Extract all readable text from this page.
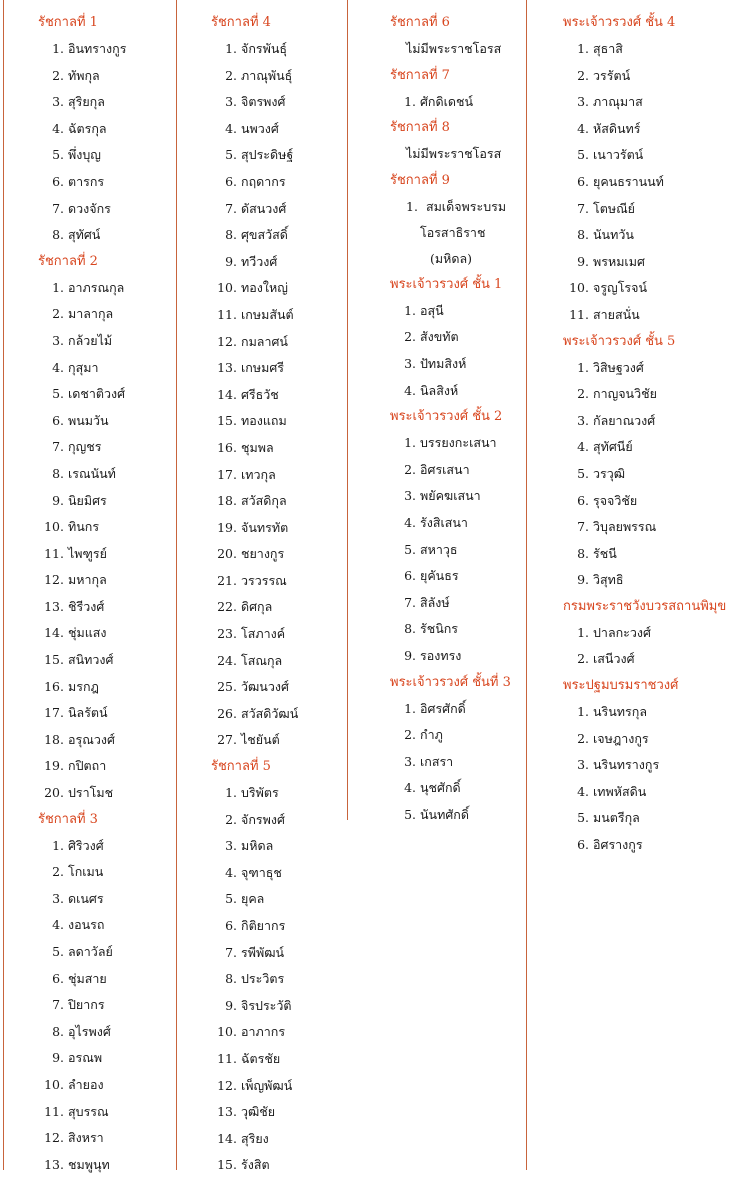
รัชกาลที่ 1
1. อินทรางกูร
2. ทัพกุล
3. สุริยกุล
4. ฉัตรกุล
5. พึ่งบุญ
6. ตารกร
7. ดวงจักร
8. สุทัศน์
รัชกาลที่ 2
1. อาภรณกุล
2. มาลากุล
3. กล้วยไม้
4. กุสุมา
5. เดชาติวงศ์
6. พนมวัน
7. กุญชร
8. เรณนันท์
9. นิยมิศร
10. ทินกร
11. ไพฑูรย์
12. มหากุล
13. ชิรีวงศ์
14. ชุ่มแสง
15. สนิทวงศ์
16. มรกฎ
17. นิลรัตน์
18. อรุณวงศ์
19. กปิตถา
20. ปราโมช
รัชกาลที่ 3
1. ศิริวงศ์
2. โกเมน
3. ดเนศร
4. งอนรถ
5. ลดาวัลย์
6. ชุ่มสาย
7. ปิยากร
8. อุไรพงศ์
9. อรณพ
10. ลำยอง
11. สุบรรณ
12. สิงหรา
13. ชมพูนุท
รัชกาลที่ 4
1. จักรพันธุ์
2. ภาณุพันธุ์
3. จิตรพงศ์
4. นพวงศ์
5. สุประดิษฐ์
6. กฤดากร
7. ดัสนวงศ์
8. ศุขสวัสดิ์
9. ทวีวงศ์
10. ทองใหญ่
11. เกษมสันต์
12. กมลาศน์
13. เกษมศรี
14. ศรีธวัช
15. ทองแถม
16. ชุมพล
17. เทวกุล
18. สวัสดิกุล
19. จันทรทัต
20. ชยางกูร
21. วรวรรณ
22. ดิศกุล
23. โสภางค์
24. โสณกุล
25. วัฒนวงศ์
26. สวัสดิวัฒน์
27. ไชยันต์
รัชกาลที่ 5
1. บริพัตร
2. จักรพงศ์
3. มหิดล
4. จุฑาธุช
5. ยุคล
6. กิติยากร
7. รพีพัฒน์
8. ประวิตร
9. จิรประวัติ
10. อาภากร
11. ฉัตรชัย
12. เพ็ญพัฒน์
13. วุฒิชัย
14. สุริยง
15. รังสิต
รัชกาลที่ 6
ไม่มีพระราชโอรส
รัชกาลที่ 7
1. ศักดิเดชน์
รัชกาลที่ 8
ไม่มีพระราชโอรส
รัชกาลที่ 9
1. สมเด็จพระบรม
โอรสาธิราช
(มหิดล)
พระเจ้าวรวงศ์ ชั้น 1
1. อสุนี
2. สังขทัต
3. ปัทมสิงห์
4. นิลสิงห์
พระเจ้าวรวงศ์ ชั้น 2
1. บรรยงกะเสนา
2. อิศรเสนา
3. พยัคฆเสนา
4. รังสิเสนา
5. สหาวุธ
6. ยุคันธร
7. สิลังษ์
8. รัชนิกร
9. รองทรง
พระเจ้าวรวงศ์ ชั้นที่ 3
1. อิศรศักดิ์
2. กำภู
3. เกสรา
4. นุชศักดิ์
5. นันทศักดิ์
พระเจ้าวรวงศ์ ชั้น 4
1. สุธาสิ
2. วรรัตน์
3. ภาณุมาส
4. หัสดินทร์
5. เนาวรัตน์
6. ยุคนธรานนท์
7. โตษณีย์
8. นันทวัน
9. พรหมเมศ
10. จรูญโรจน์
11. สายสนั่น
พระเจ้าวรวงศ์ ชั้น 5
1. วิสิษฐวงศ์
2. กาญจนวิชัย
3. กัลยาณวงศ์
4. สุทัศนีย์
5. วรวุฒิ
6. รุจจวิชัย
7. วิบุลยพรรณ
8. รัชนี
9. วิสุทธิ
กรมพระราชวังบวรสถานพิมุข
1. ปาลกะวงศ์
2. เสนีวงศ์
พระปฐมบรมราชวงศ์
1. นรินทรกุล
2. เจษฎางกูร
3. นรินทรางกูร
4. เทพหัสดิน
5. มนตรีกุล
6. อิศรางกูร
